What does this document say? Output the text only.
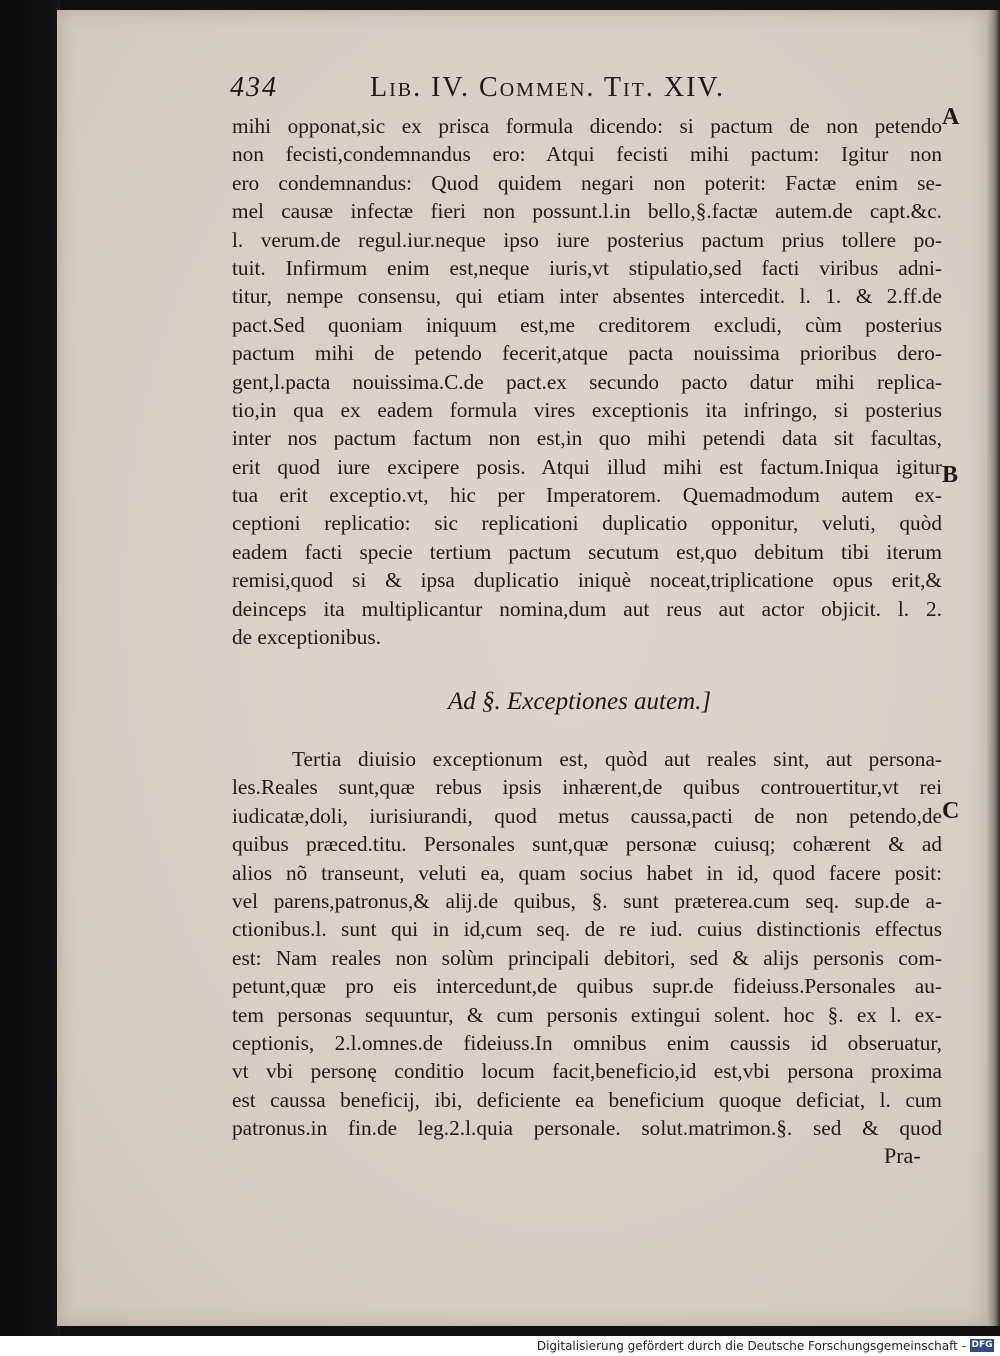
434	Lib. IV. Commen. Tit. XIV.
A
B
C
mihi opponat,sic ex prisca formula dicendo: si pactum de non petendo
non fecisti,condemnandus ero: Atqui fecisti mihi pactum: Igitur non
ero condemnandus: Quod quidem negari non poterit: Factæ enim se-
mel causæ infectæ fieri non possunt.l.in bello,§.factæ autem.de capt.&c.
l. verum.de regul.iur.neque ipso iure posterius pactum prius tollere po-
tuit. Infirmum enim est,neque iuris,vt stipulatio,sed facti viribus adni-
titur, nempe consensu, qui etiam inter absentes intercedit. l. 1. & 2.ff.de
pact.Sed quoniam iniquum est,me creditorem excludi, cùm posterius
pactum mihi de petendo fecerit,atque pacta nouissima prioribus dero-
gent,l.pacta nouissima.C.de pact.ex secundo pacto datur mihi replica-
tio,in qua ex eadem formula vires exceptionis ita infringo, si posterius
inter nos pactum factum non est,in quo mihi petendi data sit facultas,
erit quod iure excipere posis. Atqui illud mihi est factum.Iniqua igitur
tua erit exceptio.vt, hic per Imperatorem. Quemadmodum autem ex-
ceptioni replicatio: sic replicationi duplicatio opponitur, veluti, quòd
eadem facti specie tertium pactum secutum est,quo debitum tibi iterum
remisi,quod si & ipsa duplicatio iniquè noceat,triplicatione opus erit,&
deinceps ita multiplicantur nomina,dum aut reus aut actor objicit. l. 2.
de exceptionibus.
Ad §. Exceptiones autem.]
Tertia diuisio exceptionum est, quòd aut reales sint, aut persona-
les.Reales sunt,quæ rebus ipsis inhærent,de quibus controuertitur,vt rei
iudicatæ,doli, iurisiurandi, quod metus caussa,pacti de non petendo,de
quibus præced.titu. Personales sunt,quæ personæ cuiusq; cohærent & ad
alios nõ transeunt, veluti ea, quam socius habet in id, quod facere posit:
vel parens,patronus,& alij.de quibus, §. sunt præterea.cum seq. sup.de a-
ctionibus.l. sunt qui in id,cum seq. de re iud. cuius distinctionis effectus
est: Nam reales non solùm principali debitori, sed & alijs personis com-
petunt,quæ pro eis intercedunt,de quibus supr.de fideiuss.Personales au-
tem personas sequuntur, & cum personis extingui solent. hoc §. ex l. ex-
ceptionis, 2.l.omnes.de fideiuss.In omnibus enim caussis id obseruatur,
vt vbi personę conditio locum facit,beneficio,id est,vbi persona proxima
est caussa beneficij, ibi, deficiente ea beneficium quoque deficiat, l. cum
patronus.in fin.de leg.2.l.quia personale. solut.matrimon.§. sed & quod
Pra-
Digitalisierung gefördert durch die Deutsche Forschungsgemeinschaft - DFG
